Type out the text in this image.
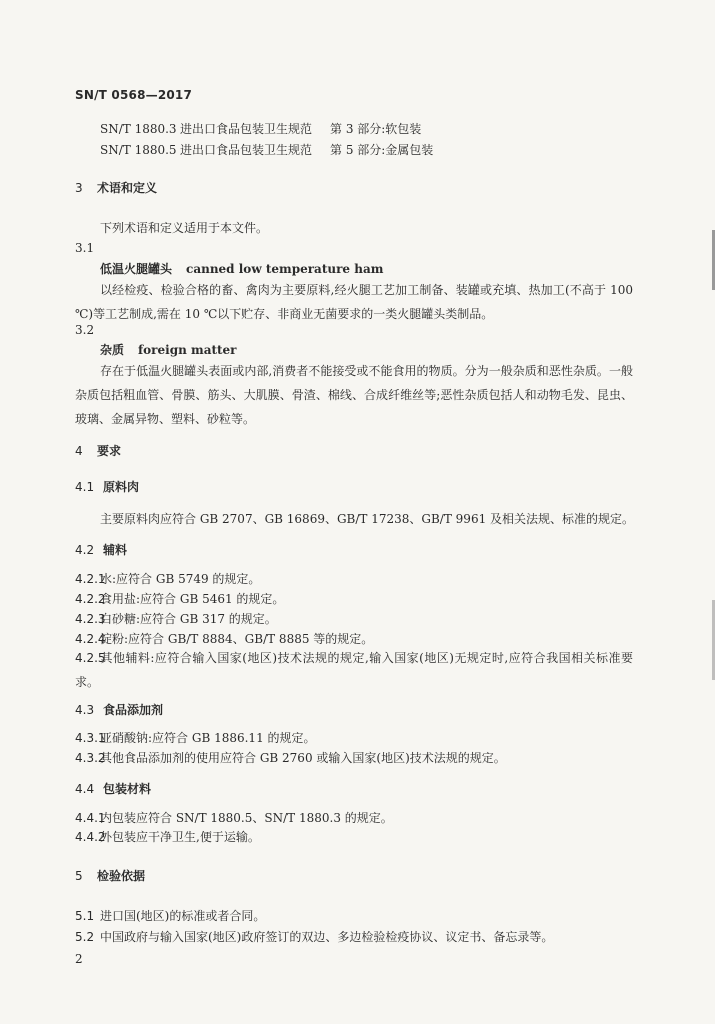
SN/T 0568—2017
SN/T 1880.3 进出口食品包装卫生规范 第 3 部分:软包装
SN/T 1880.5 进出口食品包装卫生规范 第 5 部分:金属包装
3 术语和定义
下列术语和定义适用于本文件。
3.1
低温火腿罐头 canned low temperature ham
以经检疫、检验合格的畜、禽肉为主要原料,经火腿工艺加工制备、装罐或充填、热加工(不高于 100 ℃)等工艺制成,需在 10 ℃以下贮存、非商业无菌要求的一类火腿罐头类制品。
3.2
杂质 foreign matter
存在于低温火腿罐头表面或内部,消费者不能接受或不能食用的物质。分为一般杂质和恶性杂质。一般杂质包括粗血管、骨膜、筋头、大肌膜、骨渣、棉线、合成纤维丝等;恶性杂质包括人和动物毛发、昆虫、玻璃、金属异物、塑料、砂粒等。
4 要求
4.1 原料肉
主要原料肉应符合 GB 2707、GB 16869、GB/T 17238、GB/T 9961 及相关法规、标准的规定。
4.2 辅料
4.2.1水:应符合 GB 5749 的规定。
4.2.2食用盐:应符合 GB 5461 的规定。
4.2.3白砂糖:应符合 GB 317 的规定。
4.2.4淀粉:应符合 GB/T 8884、GB/T 8885 等的规定。
4.2.5其他辅料:应符合输入国家(地区)技术法规的规定,输入国家(地区)无规定时,应符合我国相关标准要求。
4.3 食品添加剂
4.3.1亚硝酸钠:应符合 GB 1886.11 的规定。
4.3.2其他食品添加剂的使用应符合 GB 2760 或输入国家(地区)技术法规的规定。
4.4 包装材料
4.4.1内包装应符合 SN/T 1880.5、SN/T 1880.3 的规定。
4.4.2外包装应干净卫生,便于运输。
5 检验依据
5.1 进口国(地区)的标准或者合同。
5.2 中国政府与输入国家(地区)政府签订的双边、多边检验检疫协议、议定书、备忘录等。
2
